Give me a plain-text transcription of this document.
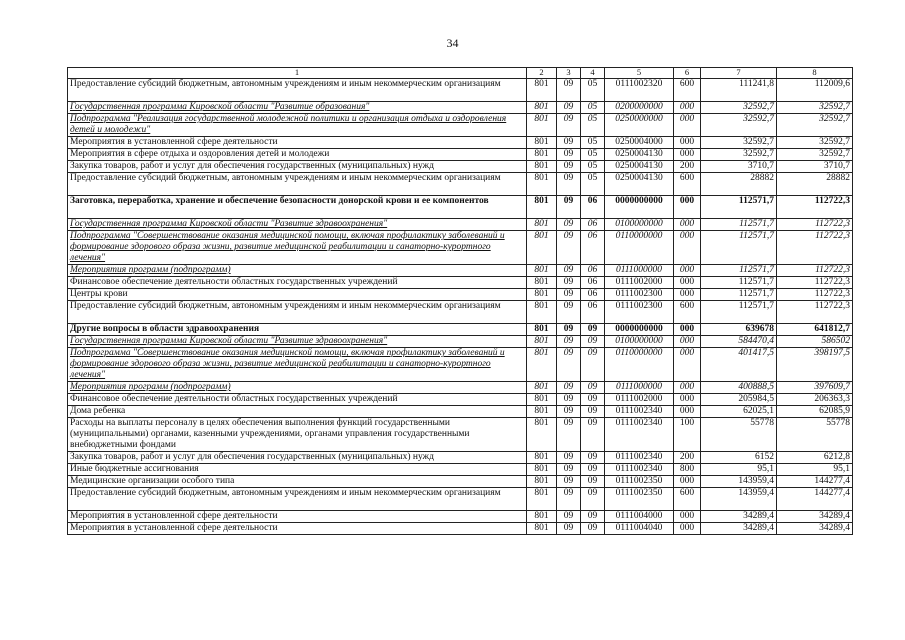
34
1	2	3	4	5	6	7	8
Предоставление субсидий бюджетным, автономным учреждениям и иным некоммерческим организациям	801	09	05	0111002320	600	111241,8	112009,6
Государственная программа Кировской области "Развитие образования"	801	09	05	0200000000	000	32592,7	32592,7
Подпрограмма "Реализация государственной молодежной политики и организация отдыха и оздоровления детей и молодежи"	801	09	05	0250000000	000	32592,7	32592,7
Мероприятия в установленной сфере деятельности	801	09	05	0250004000	000	32592,7	32592,7
Мероприятия в сфере отдыха и оздоровления детей и молодежи	801	09	05	0250004130	000	32592,7	32592,7
Закупка товаров, работ и услуг для обеспечения государственных (муниципальных) нужд	801	09	05	0250004130	200	3710,7	3710,7
Предоставление субсидий бюджетным, автономным учреждениям и иным некоммерческим организациям	801	09	05	0250004130	600	28882	28882
Заготовка, переработка, хранение и обеспечение безопасности донорской крови и ее компонентов	801	09	06	0000000000	000	112571,7	112722,3
Государственная программа Кировской области "Развитие здравоохранения"	801	09	06	0100000000	000	112571,7	112722,3
Подпрограмма "Совершенствование оказания медицинской помощи, включая профилактику заболеваний и формирование здорового образа жизни, развитие медицинской реабилитации и санаторно-курортного лечения"	801	09	06	0110000000	000	112571,7	112722,3
Мероприятия программ (подпрограмм)	801	09	06	0111000000	000	112571,7	112722,3
Финансовое обеспечение деятельности областных государственных учреждений	801	09	06	0111002000	000	112571,7	112722,3
Центры крови	801	09	06	0111002300	000	112571,7	112722,3
Предоставление субсидий бюджетным, автономным учреждениям и иным некоммерческим организациям	801	09	06	0111002300	600	112571,7	112722,3
Другие вопросы в области здравоохранения	801	09	09	0000000000	000	639678	641812,7
Государственная программа Кировской области "Развитие здравоохранения"	801	09	09	0100000000	000	584470,4	586502
Подпрограмма "Совершенствование оказания медицинской помощи, включая профилактику заболеваний и формирование здорового образа жизни, развитие медицинской реабилитации и санаторно-курортного лечения"	801	09	09	0110000000	000	401417,5	398197,5
Мероприятия программ (подпрограмм)	801	09	09	0111000000	000	400888,5	397609,7
Финансовое обеспечение деятельности областных государственных учреждений	801	09	09	0111002000	000	205984,5	206363,3
Дома ребенка	801	09	09	0111002340	000	62025,1	62085,9
Расходы на выплаты персоналу в целях обеспечения выполнения функций государственными (муниципальными) органами, казенными учреждениями, органами управления государственными внебюджетными фондами	801	09	09	0111002340	100	55778	55778
Закупка товаров, работ и услуг для обеспечения государственных (муниципальных) нужд	801	09	09	0111002340	200	6152	6212,8
Иные бюджетные ассигнования	801	09	09	0111002340	800	95,1	95,1
Медицинские организации особого типа	801	09	09	0111002350	000	143959,4	144277,4
Предоставление субсидий бюджетным, автономным учреждениям и иным некоммерческим организациям	801	09	09	0111002350	600	143959,4	144277,4
Мероприятия в установленной сфере деятельности	801	09	09	0111004000	000	34289,4	34289,4
Мероприятия в установленной сфере деятельности	801	09	09	0111004040	000	34289,4	34289,4
